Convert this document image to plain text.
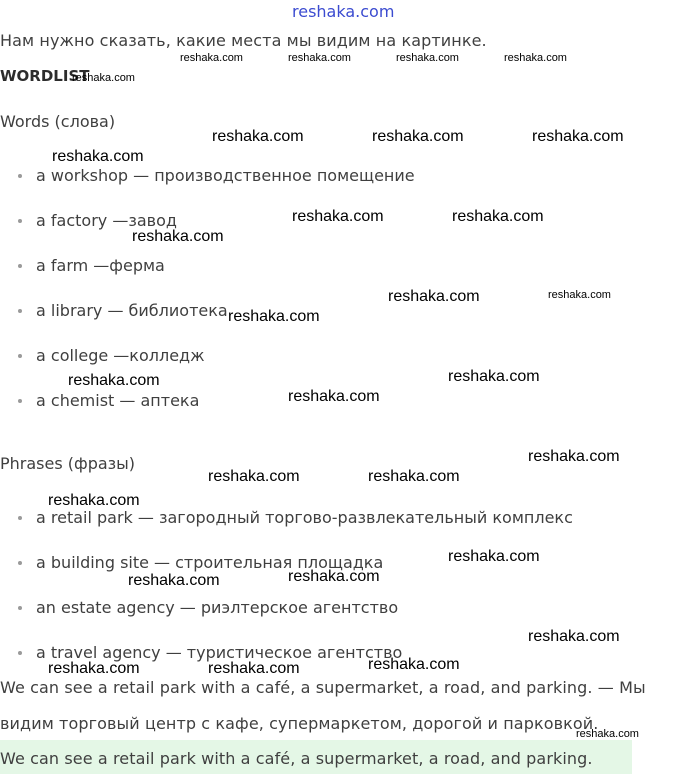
reshaka.com
Нам нужно сказать, какие места мы видим на картинке.
WORDLIST
Words (слова)
a workshop — производственное помещение
a factory —завод
a farm —ферма
a library — библиотека
a college —колледж
a chemist — аптека
Phrases (фразы)
a retail park — загородный торгово-развлекательный комплекс
a building site — строительная площадка
an estate agency — риэлтерское агентство
a travel agency — туристическое агентство
We can see a retail park with a café, a supermarket, a road, and parking. — Мы
видим торговый центр с кафе, супермаркетом, дорогой и парковкой.
We can see a retail park with a café, a supermarket, a road, and parking.
reshaka.com
reshaka.com	reshaka.com	reshaka.com	reshaka.com
reshaka.com	reshaka.com	reshaka.com
reshaka.com
reshaka.com	reshaka.com
reshaka.com
reshaka.com	reshaka.com
reshaka.com
reshaka.com	reshaka.com
reshaka.com
reshaka.com
reshaka.com	reshaka.com
reshaka.com
reshaka.com
reshaka.com
reshaka.com
reshaka.com
reshaka.com
reshaka.com	reshaka.com
reshaka.com
